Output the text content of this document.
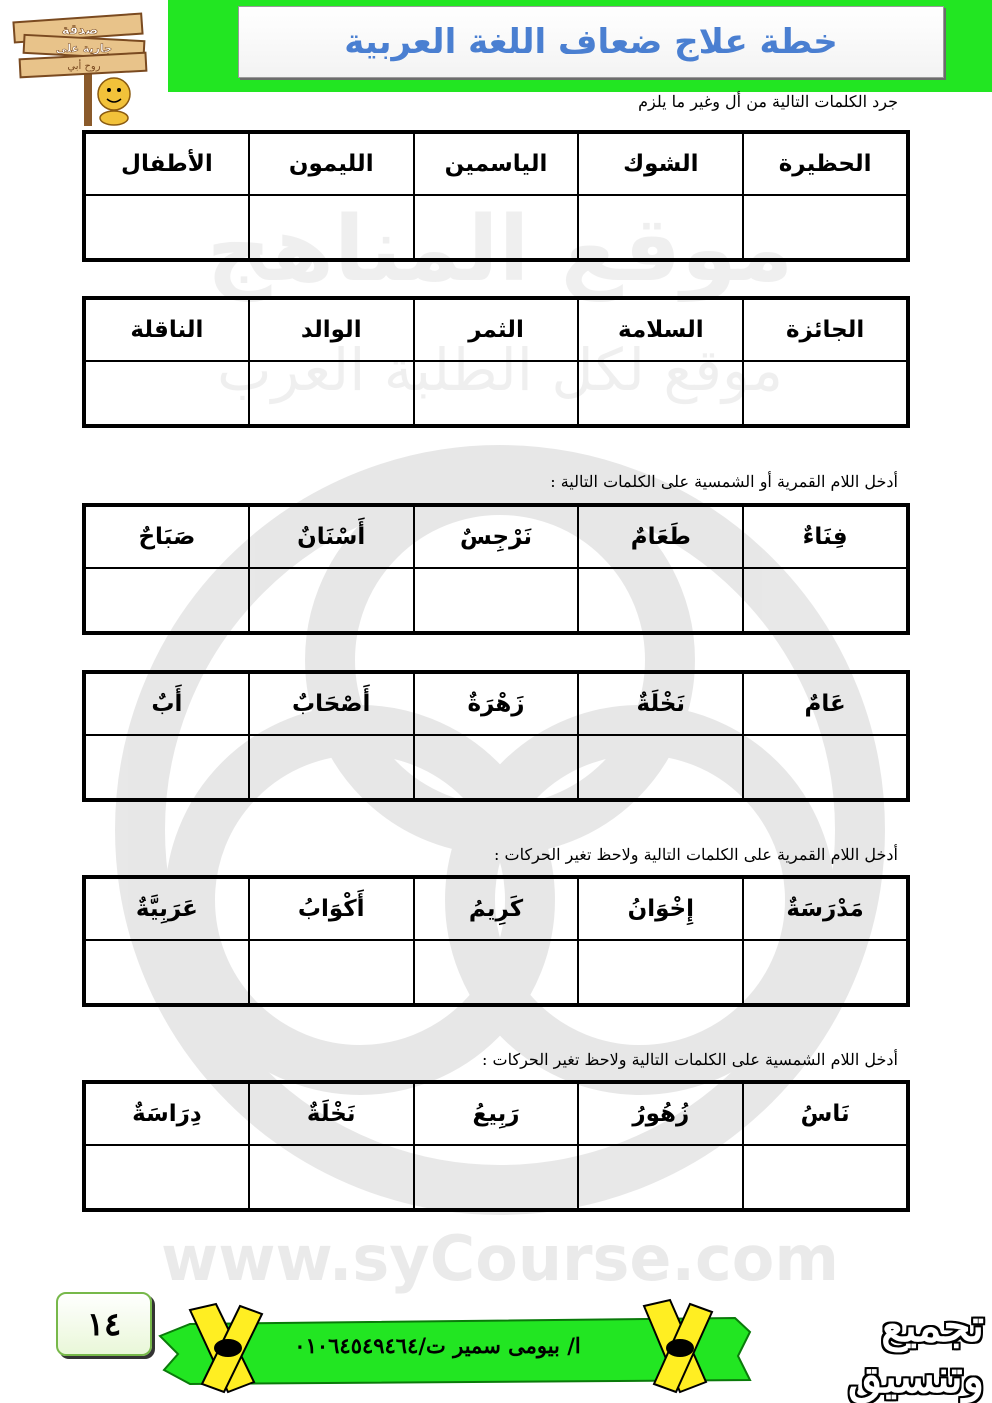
موقع المناهج
موقع لكل الطلبة العرب
www.syCourse.com
خطة علاج ضعاف اللغة العربية
صدقة
جارية على
روح أبي
جرد الكلمات التالية من أل وغير ما يلزم
الحظيرة	الشوك	الياسمين	الليمون	الأطفال

الجائزة	السلامة	الثمر	الوالد	الناقلة

أدخل اللام القمرية أو الشمسية على الكلمات التالية :
فِنَاءٌ	طَعَامٌ	نَرْجِسٌ	أَسْنَانٌ	صَبَاحٌ

عَامٌ	نَخْلَةٌ	زَهْرَةٌ	أَصْحَابٌ	أَبٌ

أدخل اللام القمرية على الكلمات التالية ولاحظ تغير الحركات :
مَدْرَسَةٌ	إِخْوَانُ	كَرِيمُ	أَكْوَابُ	عَرَبِيَّةٌ

أدخل اللام الشمسية على الكلمات التالية ولاحظ تغير الحركات :
نَاسُ	زُهُورُ	رَبِيعُ	نَخْلَةٌ	دِرَاسَةٌ

١٤
ا/ بيومى سمير ت/٠١٠٦٤٥٤٩٤٦٤	تجميع وتنسيق
